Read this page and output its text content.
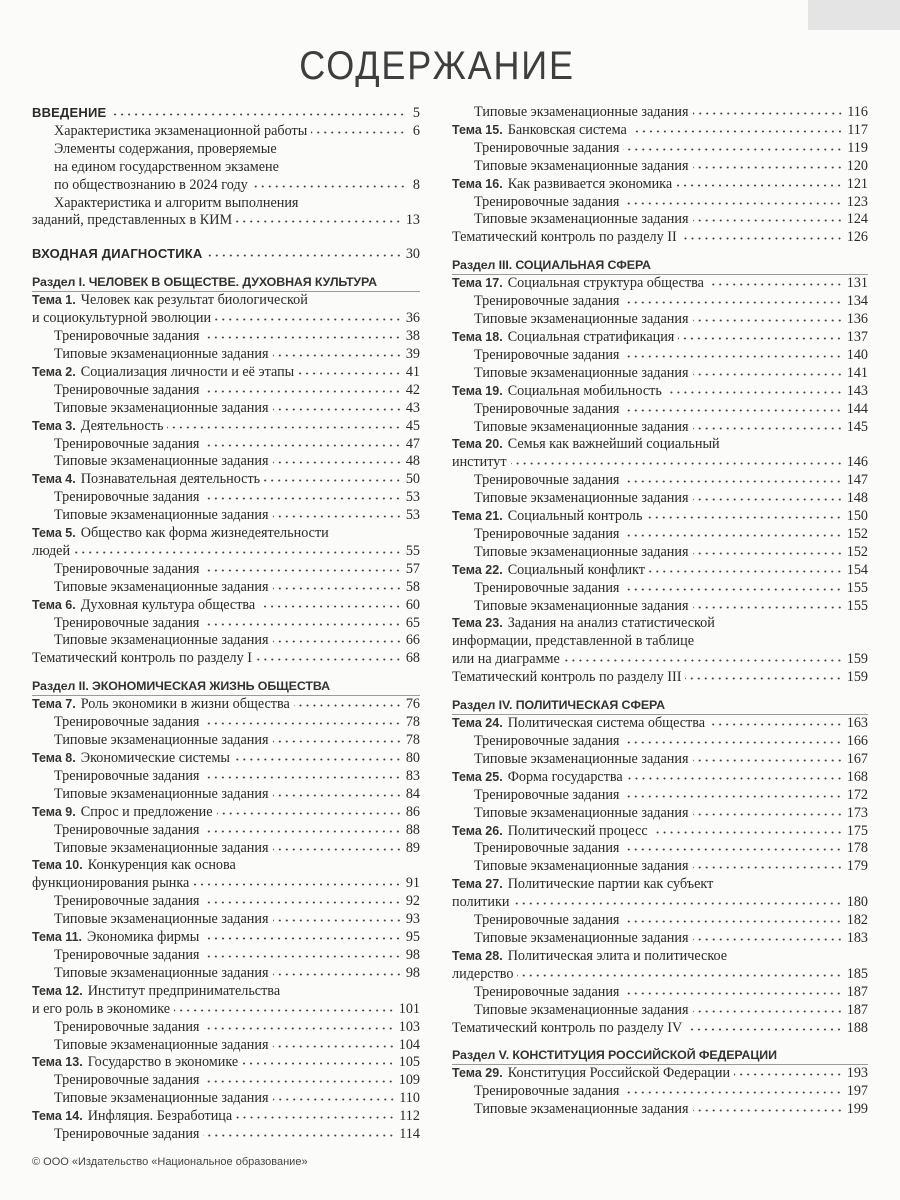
СОДЕРЖАНИЕ
ВВЕДЕНИЕ	5
Характеристика экзаменационной работы	6
Элементы содержания, проверяемые
на едином государственном экзамене
по обществознанию в 2024 году	8
Характеристика и алгоритм выполнения
заданий, представленных в КИМ	13
ВХОДНАЯ ДИАГНОСТИКА	30
Раздел I. ЧЕЛОВЕК В ОБЩЕСТВЕ. ДУХОВНАЯ КУЛЬТУРА
Тема 1. Человек как результат биологической
и социокультурной эволюции	36
Тренировочные задания	38
Типовые экзаменационные задания	39
Тема 2. Социализация личности и её этапы	41
Тренировочные задания	42
Типовые экзаменационные задания	43
Тема 3. Деятельность	45
Тренировочные задания	47
Типовые экзаменационные задания	48
Тема 4. Познавательная деятельность	50
Тренировочные задания	53
Типовые экзаменационные задания	53
Тема 5. Общество как форма жизнедеятельности
людей	55
Тренировочные задания	57
Типовые экзаменационные задания	58
Тема 6. Духовная культура общества	60
Тренировочные задания	65
Типовые экзаменационные задания	66
Тематический контроль по разделу I	68
Раздел II. ЭКОНОМИЧЕСКАЯ ЖИЗНЬ ОБЩЕСТВА
Тема 7. Роль экономики в жизни общества	76
Тренировочные задания	78
Типовые экзаменационные задания	78
Тема 8. Экономические системы	80
Тренировочные задания	83
Типовые экзаменационные задания	84
Тема 9. Спрос и предложение	86
Тренировочные задания	88
Типовые экзаменационные задания	89
Тема 10. Конкуренция как основа
функционирования рынка	91
Тренировочные задания	92
Типовые экзаменационные задания	93
Тема 11. Экономика фирмы	95
Тренировочные задания	98
Типовые экзаменационные задания	98
Тема 12. Институт предпринимательства
и его роль в экономике	101
Тренировочные задания	103
Типовые экзаменационные задания	104
Тема 13. Государство в экономике	105
Тренировочные задания	109
Типовые экзаменационные задания	110
Тема 14. Инфляция. Безработица	112
Тренировочные задания	114
Типовые экзаменационные задания	116
Тема 15. Банковская система	117
Тренировочные задания	119
Типовые экзаменационные задания	120
Тема 16. Как развивается экономика	121
Тренировочные задания	123
Типовые экзаменационные задания	124
Тематический контроль по разделу II	126
Раздел III. СОЦИАЛЬНАЯ СФЕРА
Тема 17. Социальная структура общества	131
Тренировочные задания	134
Типовые экзаменационные задания	136
Тема 18. Социальная стратификация	137
Тренировочные задания	140
Типовые экзаменационные задания	141
Тема 19. Социальная мобильность	143
Тренировочные задания	144
Типовые экзаменационные задания	145
Тема 20. Семья как важнейший социальный
институт	146
Тренировочные задания	147
Типовые экзаменационные задания	148
Тема 21. Социальный контроль	150
Тренировочные задания	152
Типовые экзаменационные задания	152
Тема 22. Социальный конфликт	154
Тренировочные задания	155
Типовые экзаменационные задания	155
Тема 23. Задания на анализ статистической
информации, представленной в таблице
или на диаграмме	159
Тематический контроль по разделу III	159
Раздел IV. ПОЛИТИЧЕСКАЯ СФЕРА
Тема 24. Политическая система общества	163
Тренировочные задания	166
Типовые экзаменационные задания	167
Тема 25. Форма государства	168
Тренировочные задания	172
Типовые экзаменационные задания	173
Тема 26. Политический процесс	175
Тренировочные задания	178
Типовые экзаменационные задания	179
Тема 27. Политические партии как субъект
политики	180
Тренировочные задания	182
Типовые экзаменационные задания	183
Тема 28. Политическая элита и политическое
лидерство	185
Тренировочные задания	187
Типовые экзаменационные задания	187
Тематический контроль по разделу IV	188
Раздел V. КОНСТИТУЦИЯ РОССИЙСКОЙ ФЕДЕРАЦИИ
Тема 29. Конституция Российской Федерации	193
Тренировочные задания	197
Типовые экзаменационные задания	199
© ООО «Издательство «Национальное образование»
